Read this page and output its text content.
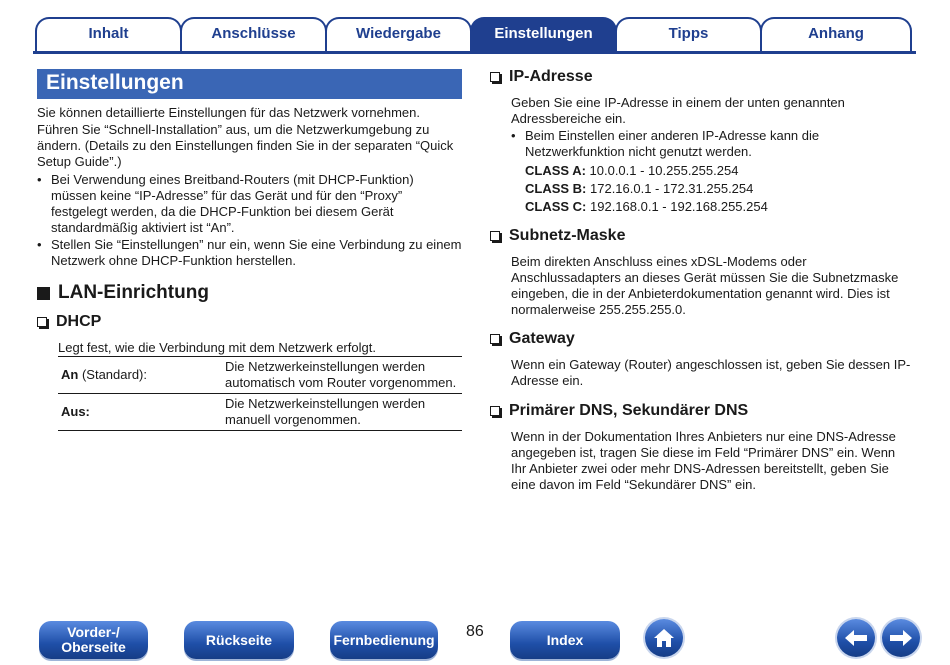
Inhalt	Anschlüsse	Wiedergabe	Einstellungen	Tipps	Anhang
Einstellungen

Sie können detaillierte Einstellungen für das Netzwerk vornehmen.

Führen Sie “Schnell-Installation” aus, um die Netzwerkumgebung zu ändern. (Details zu den Einstellungen finden Sie in der separaten “Quick Setup Guide”.)

• Bei Verwendung eines Breitband-Routers (mit DHCP-Funktion) müssen keine “IP-Adresse” für das Gerät und für den “Proxy” festgelegt werden, da die DHCP-Funktion bei diesem Gerät standardmäßig aktiviert ist “An”.
• Stellen Sie “Einstellungen” nur ein, wenn Sie eine Verbindung zu einem Netzwerk ohne DHCP-Funktion herstellen.
LAN-Einrichtung
DHCP

Legt fest, wie die Verbindung mit dem Netzwerk erfolgt.

An (Standard):	Die Netzwerkeinstellungen werden automatisch vom Router vorgenommen.
Aus:	Die Netzwerkeinstellungen werden manuell vorgenommen.
IP-Adresse

Geben Sie eine IP-Adresse in einem der unten genannten Adressbereiche ein.

• Beim Einstellen einer anderen IP-Adresse kann die Netzwerkfunktion nicht genutzt werden.
CLASS A: 10.0.0.1 - 10.255.255.254
CLASS B: 172.16.0.1 - 172.31.255.254
CLASS C: 192.168.0.1 - 192.168.255.254
Subnetz-Maske

Beim direkten Anschluss eines xDSL-Modems oder Anschlussadapters an dieses Gerät müssen Sie die Subnetzmaske eingeben, die in der Anbieterdokumentation genannt wird. Dies ist normalerweise 255.255.255.0.

Gateway

Wenn ein Gateway (Router) angeschlossen ist, geben Sie dessen IP-Adresse ein.

Primärer DNS, Sekundärer DNS

Wenn in der Dokumentation Ihres Anbieters nur eine DNS-Adresse angegeben ist, tragen Sie diese im Feld “Primärer DNS” ein. Wenn Ihr Anbieter zwei oder mehr DNS-Adressen bereitstellt, geben Sie eine davon im Feld “Sekundärer DNS” ein.

Vorder-/
Oberseite	Rückseite	Fernbedienung 86	Index
